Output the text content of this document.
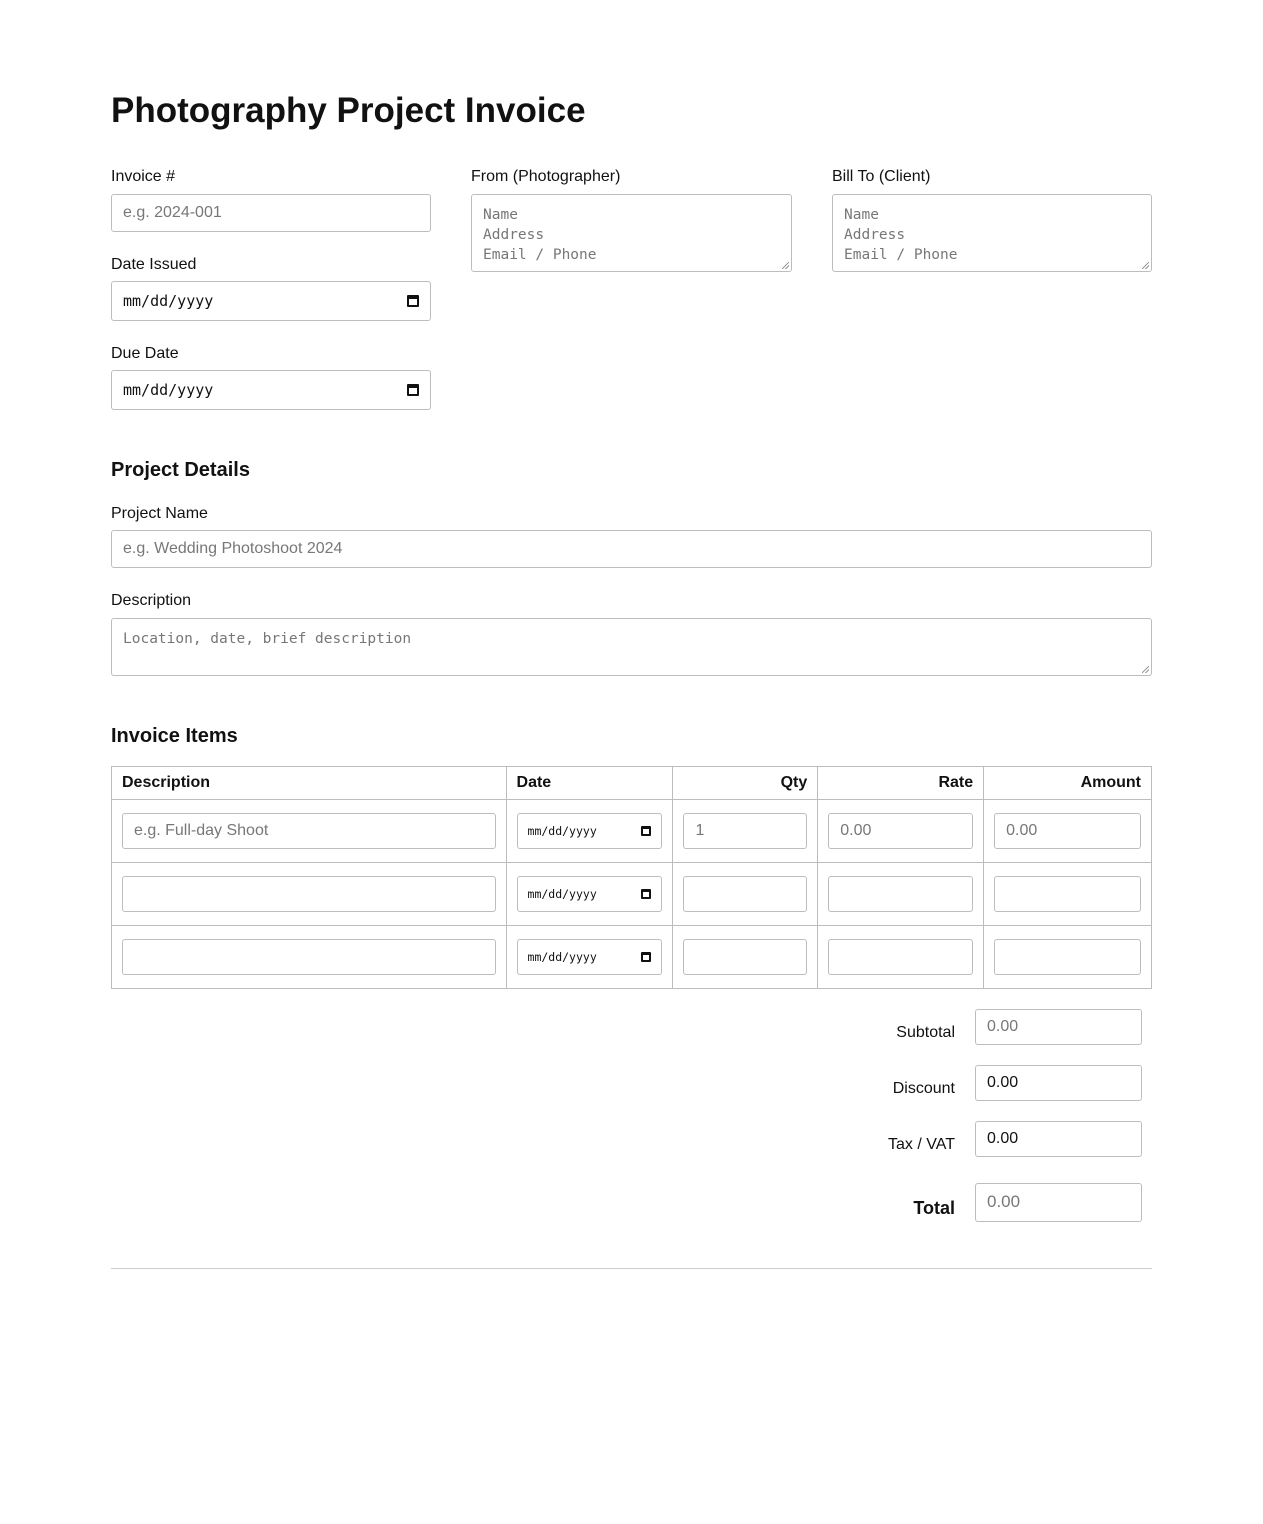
Photography Project Invoice
Invoice #
e.g. 2024-001
Date Issued
mm/dd/yyyy
Due Date
mm/dd/yyyy
From (Photographer)
Name
Address
Email / Phone
Bill To (Client)
Name
Address
Email / Phone
Project Details
Project Name
e.g. Wedding Photoshoot 2024
Description
Location, date, brief description
Invoice Items
Description	Date	Qty	Rate	Amount

e.g. Full-day Shoot	mm/dd/yyyy	1	0.00	0.00

	mm/dd/yyyy			

	mm/dd/yyyy			

Subtotal	0.00
Discount	0.00
Tax / VAT	0.00
Total	0.00
